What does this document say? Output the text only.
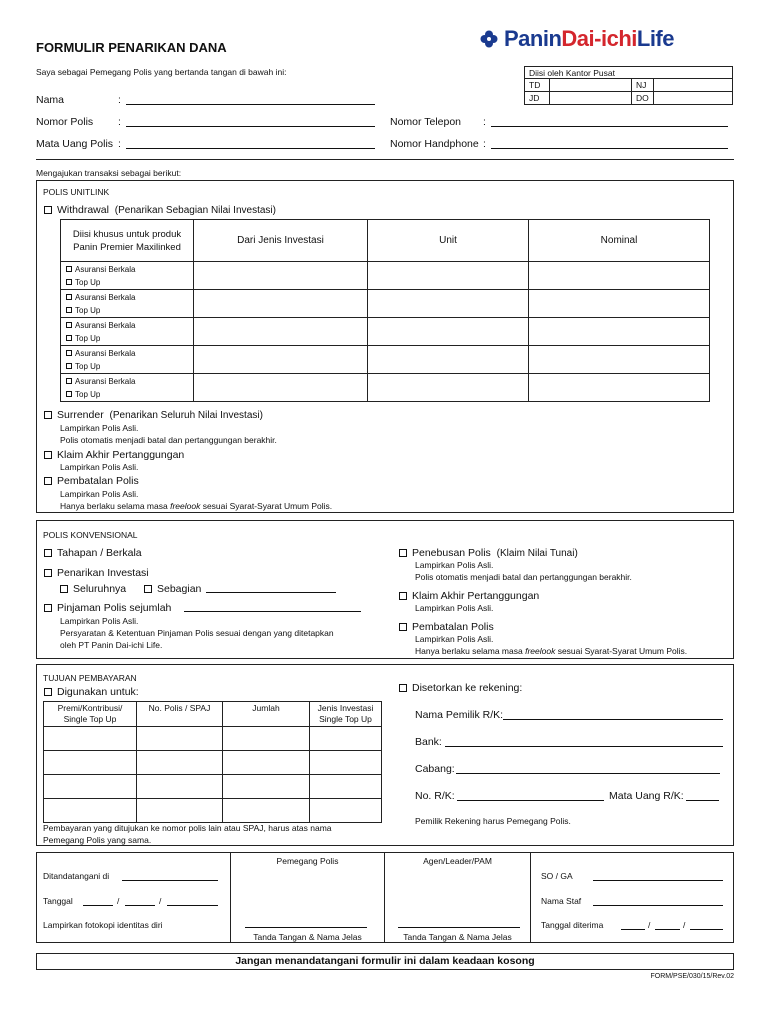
FORMULIR PENARIKAN DANA	PaninDai-ichiLife
Saya sebagai Pemegang Polis yang bertanda tangan di bawah ini:	Diisi oleh Kantor Pusat			
TD		NJ	
JD		DO	
Nama	:
Nomor Polis :
Mata Uang Polis :
Nomor Telepon :
Nomor Handphone :
Mengajukan transaksi sebagai berikut:
POLIS UNITLINK
Withdrawal (Penarikan Sebagian Nilai Investasi)
Diisi khusus untuk produk Panin Premier Maxilinked	Dari Jenis Investasi	Unit	Nominal

Asuransi Berkala
Top Up			

Asuransi Berkala
Top Up			

Asuransi Berkala
Top Up			

Asuransi Berkala
Top Up			

Asuransi Berkala
Top Up			

Surrender (Penarikan Seluruh Nilai Investasi)
Lampirkan Polis Asli.
Polis otomatis menjadi batal dan pertanggungan berakhir.
Klaim Akhir Pertanggungan
Lampirkan Polis Asli.
Pembatalan Polis
Lampirkan Polis Asli.
Hanya berlaku selama masa freelook sesuai Syarat-Syarat Umum Polis.
POLIS KONVENSIONAL
Tahapan / Berkala
Penarikan Investasi
Seluruhnya	Sebagian
Pinjaman Polis sejumlah
Lampirkan Polis Asli.
Persyaratan & Ketentuan Pinjaman Polis sesuai dengan yang ditetapkan
oleh PT Panin Dai-ichi Life.
Penebusan Polis (Klaim Nilai Tunai)
Lampirkan Polis Asli.
Polis otomatis menjadi batal dan pertanggungan berakhir.
Klaim Akhir Pertanggungan
Lampirkan Polis Asli.
Pembatalan Polis
Lampirkan Polis Asli.
Hanya berlaku selama masa freelook sesuai Syarat-Syarat Umum Polis.
TUJUAN PEMBAYARAN
Digunakan untuk:
Premi/Kontribusi/ Single Top Up	No. Polis / SPAJ	Jumlah	Jenis Investasi Single Top Up

Pembayaran yang ditujukan ke nomor polis lain atau SPAJ, harus atas nama
Pemegang Polis yang sama.
Disetorkan ke rekening:
Nama Pemilik R/K:
Bank:
Cabang:
No. R/K:	Mata Uang R/K:
Pemilik Rekening harus Pemegang Polis.
Pemegang Polis	Agen/Leader/PAM
Ditandatangani di
Tanggal	/	/
Lampirkan fotokopi identitas diri
Tanda Tangan & Nama Jelas	Tanda Tangan & Nama Jelas
SO / GA
Nama Staf
Tanggal diterima	/	/
Jangan menandatangani formulir ini dalam keadaan kosong
FORM/PSE/030/15/Rev.02
